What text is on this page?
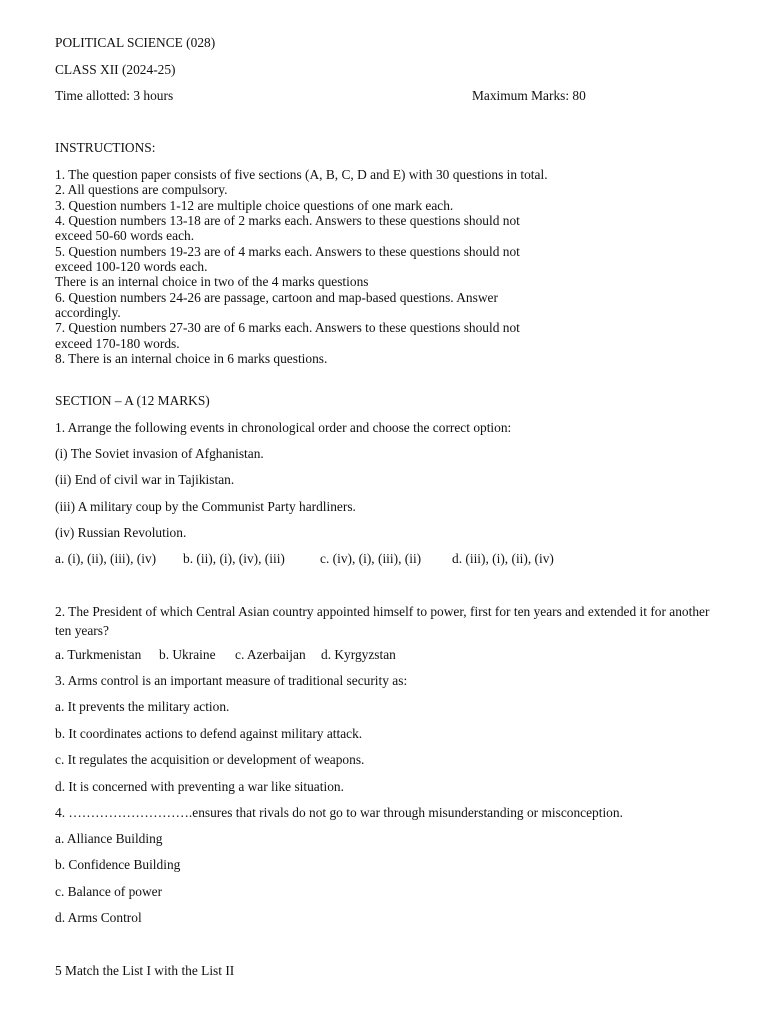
POLITICAL SCIENCE (028)
CLASS XII (2024-25)
Time allotted: 3 hours	Maximum Marks: 80
INSTRUCTIONS:
1. The question paper consists of five sections (A, B, C, D and E) with 30 questions in total.
2. All questions are compulsory.
3. Question numbers 1-12 are multiple choice questions of one mark each.
4. Question numbers 13-18 are of 2 marks each. Answers to these questions should not
exceed 50-60 words each.
5. Question numbers 19-23 are of 4 marks each. Answers to these questions should not
exceed 100-120 words each.
There is an internal choice in two of the 4 marks questions
6. Question numbers 24-26 are passage, cartoon and map-based questions. Answer
accordingly.
7. Question numbers 27-30 are of 6 marks each. Answers to these questions should not
exceed 170-180 words.
8. There is an internal choice in 6 marks questions.
SECTION – A (12 MARKS)
1. Arrange the following events in chronological order and choose the correct option:
(i) The Soviet invasion of Afghanistan.
(ii) End of civil war in Tajikistan.
(iii) A military coup by the Communist Party hardliners.
(iv) Russian Revolution.
a. (i), (ii), (iii), (iv) b. (ii), (i), (iv), (iii)	c. (iv), (i), (iii), (ii) d. (iii), (i), (ii), (iv)
2. The President of which Central Asian country appointed himself to power, first for ten years and extended it for another ten years?
a. Turkmenistan b. Ukraine c. Azerbaijan d. Kyrgyzstan
3. Arms control is an important measure of traditional security as:
a. It prevents the military action.
b. It coordinates actions to defend against military attack.
c. It regulates the acquisition or development of weapons.
d. It is concerned with preventing a war like situation.
4. ……………………….ensures that rivals do not go to war through misunderstanding or misconception.
a. Alliance Building
b. Confidence Building
c. Balance of power
d. Arms Control
5 Match the List I with the List II
